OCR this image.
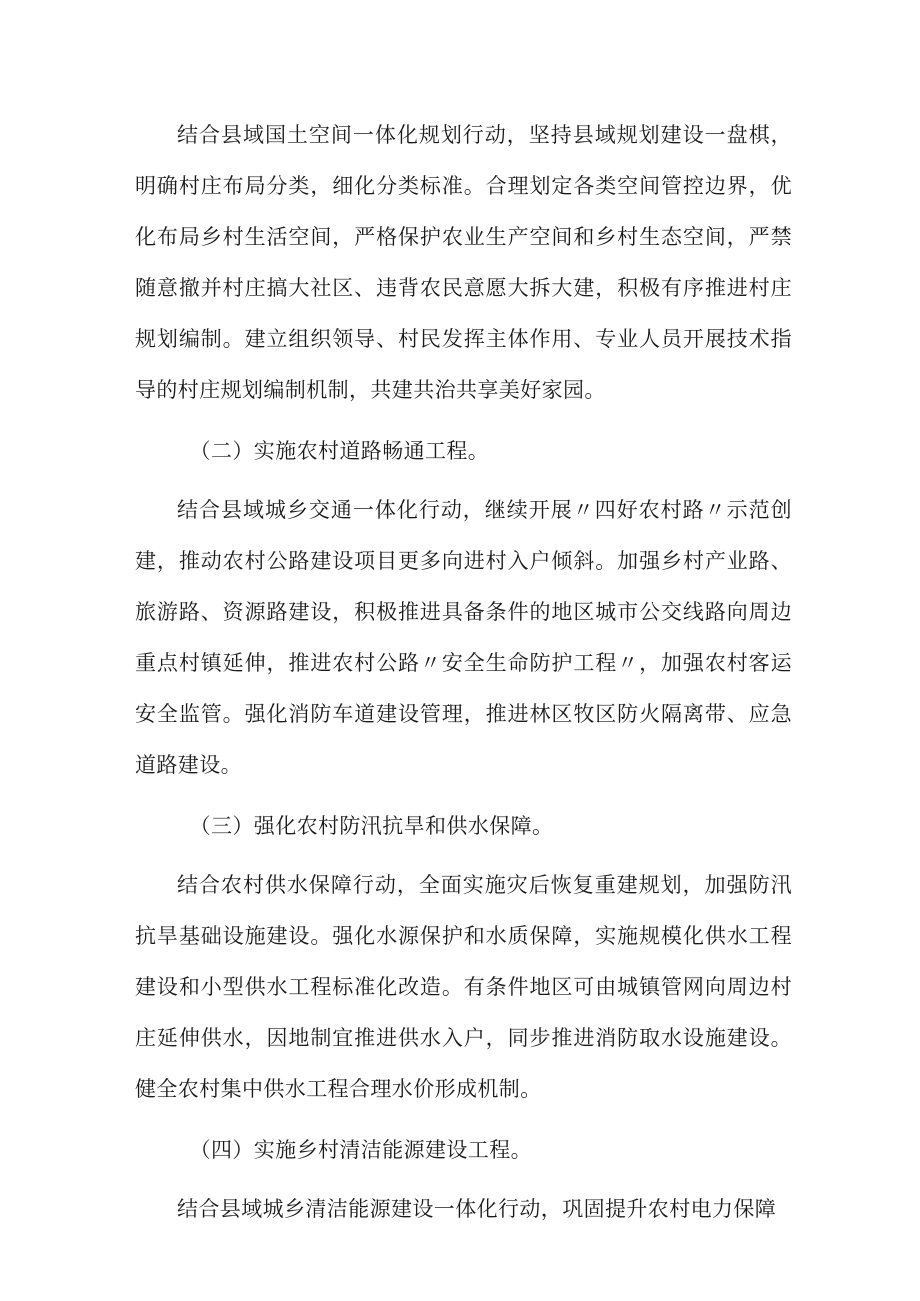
结合县域国土空间一体化规划行动，坚持县域规划建设一盘棋，明确村庄布局分类，细化分类标准。合理划定各类空间管控边界，优化布局乡村生活空间，严格保护农业生产空间和乡村生态空间，严禁随意撤并村庄搞大社区、违背农民意愿大拆大建，积极有序推进村庄规划编制。建立组织领导、村民发挥主体作用、专业人员开展技术指导的村庄规划编制机制，共建共治共享美好家园。

（二）实施农村道路畅通工程。

结合县域城乡交通一体化行动，继续开展〃四好农村路〃示范创建，推动农村公路建设项目更多向进村入户倾斜。加强乡村产业路、旅游路、资源路建设，积极推进具备条件的地区城市公交线路向周边重点村镇延伸，推进农村公路〃安全生命防护工程〃，加强农村客运安全监管。强化消防车道建设管理，推进林区牧区防火隔离带、应急道路建设。

（三）强化农村防汛抗旱和供水保障。

结合农村供水保障行动，全面实施灾后恢复重建规划，加强防汛抗旱基础设施建设。强化水源保护和水质保障，实施规模化供水工程建设和小型供水工程标准化改造。有条件地区可由城镇管网向周边村庄延伸供水，因地制宜推进供水入户，同步推进消防取水设施建设。健全农村集中供水工程合理水价形成机制。

（四）实施乡村清洁能源建设工程。

结合县域城乡清洁能源建设一体化行动，巩固提升农村电力保障
